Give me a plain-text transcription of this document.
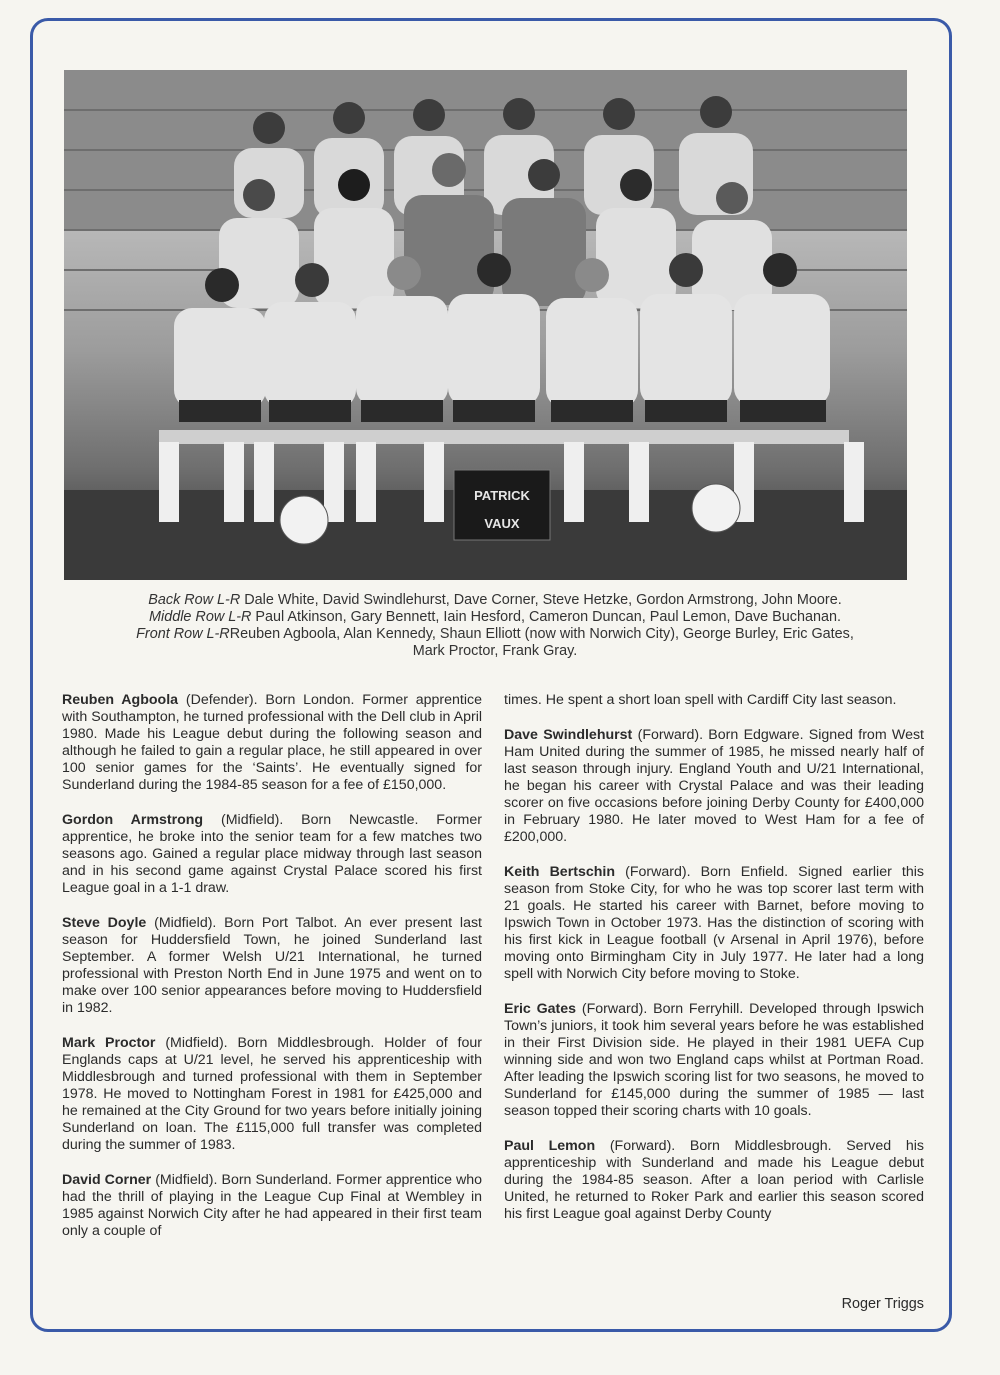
PATRICK
VAUX
Back Row L-R Dale White, David Swindlehurst, Dave Corner, Steve Hetzke, Gordon Armstrong, John Moore.
Middle Row L-R Paul Atkinson, Gary Bennett, Iain Hesford, Cameron Duncan, Paul Lemon, Dave Buchanan.
Front Row L-RReuben Agboola, Alan Kennedy, Shaun Elliott (now with Norwich City), George Burley, Eric Gates,
Mark Proctor, Frank Gray.

Reuben Agboola (Defender). Born London. Former apprentice with Southampton, he turned professional with the Dell club in April 1980. Made his League debut during the following season and although he failed to gain a regular place, he still appeared in over 100 senior games for the ‘Saints’. He eventually signed for Sunderland during the 1984-85 season for a fee of £150,000.

Gordon Armstrong (Midfield). Born Newcastle. Former apprentice, he broke into the senior team for a few matches two seasons ago. Gained a regular place midway through last season and in his second game against Crystal Palace scored his first League goal in a 1-1 draw.

Steve Doyle (Midfield). Born Port Talbot. An ever present last season for Huddersfield Town, he joined Sunderland last September. A former Welsh U/21 International, he turned professional with Preston North End in June 1975 and went on to make over 100 senior appearances before moving to Huddersfield in 1982.

Mark Proctor (Midfield). Born Middlesbrough. Holder of four Englands caps at U/21 level, he served his apprenticeship with Middlesbrough and turned professional with them in September 1978. He moved to Nottingham Forest in 1981 for £425,000 and he remained at the City Ground for two years before initially joining Sunderland on loan. The £115,000 full transfer was completed during the summer of 1983.

David Corner (Midfield). Born Sunderland. Former apprentice who had the thrill of playing in the League Cup Final at Wembley in 1985 against Norwich City after he had appeared in their first team only a couple of

times. He spent a short loan spell with Cardiff City last season.

Dave Swindlehurst (Forward). Born Edgware. Signed from West Ham United during the summer of 1985, he missed nearly half of last season through injury. England Youth and U/21 International, he began his career with Crystal Palace and was their leading scorer on five occasions before joining Derby County for £400,000 in February 1980. He later moved to West Ham for a fee of £200,000.

Keith Bertschin (Forward). Born Enfield. Signed earlier this season from Stoke City, for who he was top scorer last term with 21 goals. He started his career with Barnet, before moving to Ipswich Town in October 1973. Has the distinction of scoring with his first kick in League football (v Arsenal in April 1976), before moving onto Birmingham City in July 1977. He later had a long spell with Norwich City before moving to Stoke.

Eric Gates (Forward). Born Ferryhill. Developed through Ipswich Town’s juniors, it took him several years before he was established in their First Division side. He played in their 1981 UEFA Cup winning side and won two England caps whilst at Portman Road. After leading the Ipswich scoring list for two seasons, he moved to Sunderland for £145,000 during the summer of 1985 — last season topped their scoring charts with 10 goals.

Paul Lemon (Forward). Born Middlesbrough. Served his apprenticeship with Sunderland and made his League debut during the 1984-85 season. After a loan period with Carlisle United, he returned to Roker Park and earlier this season scored his first League goal against Derby County

Roger Triggs
